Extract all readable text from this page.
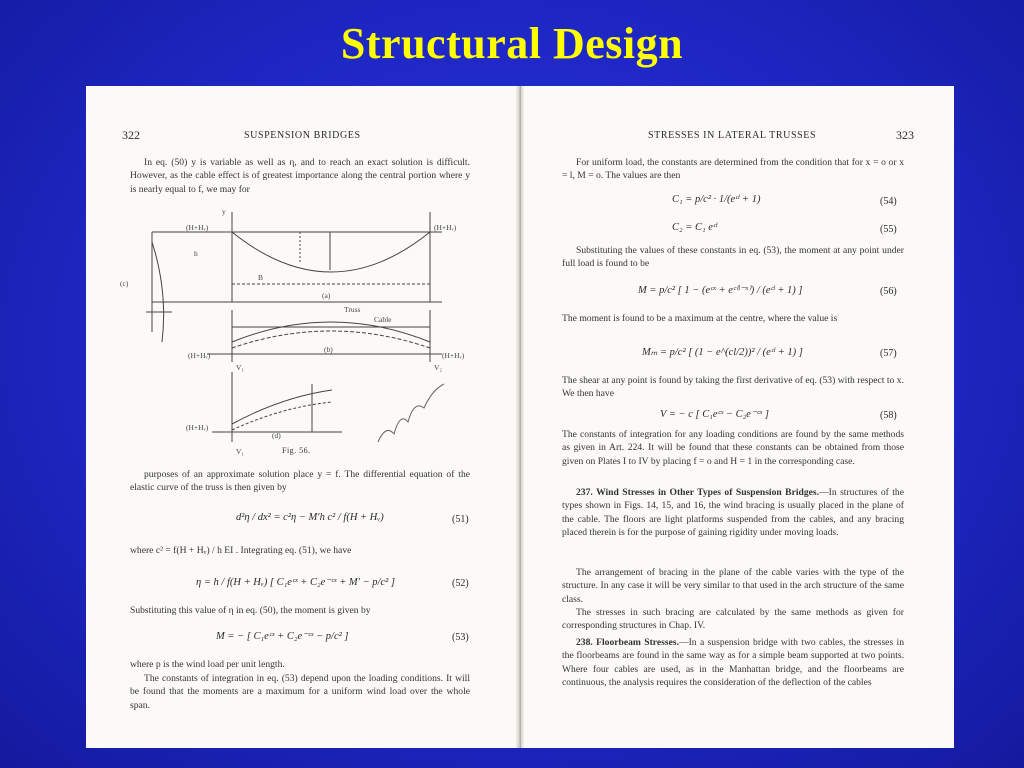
Structural Design
322	SUSPENSION BRIDGES

In eq. (50) y is variable as well as η, and to reach an exact solution is difficult. However, as the cable effect is of greatest importance along the central portion where y is nearly equal to f, we may for

(H+Hᵥ)	(H+Hᵥ)
y
h
B
(a)
(c)
Truss
Cable
(b)
(H+Hᵥ)	(H+Hᵥ)
V₁	V₂
(d)
(H+Hᵥ)
V₁	Fig. 56.

purposes of an approximate solution place y = f. The differential equation of the elastic curve of the truss is then given by

d²η / dx² = c²η − M′h c² / f(H + Hᵥ)	(51)

where c² = f(H + Hᵥ) / h EI . Integrating eq. (51), we have

η = h / f(H + Hᵥ) [ C₁eᶜˣ + C₂e⁻ᶜˣ + M′ − p/c² ]	(52)

Substituting this value of η in eq. (50), the moment is given by

M = − [ C₁eᶜˣ + C₂e⁻ᶜˣ − p/c² ]	(53)

where p is the wind load per unit length.

The constants of integration in eq. (53) depend upon the loading conditions. It will be found that the moments are a maximum for a uniform wind load over the whole span.

STRESSES IN LATERAL TRUSSES	323

For uniform load, the constants are determined from the condition that for x = o or x = l, M = o. The values are then

C₁ = p/c² · 1/(eᶜˡ + 1)	(54)
C₂ = C₁ eᶜˡ	(55)

Substituting the values of these constants in eq. (53), the moment at any point under full load is found to be

M = p/c² [ 1 − (eᶜˣ + eᶜ⁽ˡ⁻ˣ⁾) / (eᶜˡ + 1) ]	(56)

The moment is found to be a maximum at the centre, where the value is

Mₘ = p/c² [ (1 − e^(cl/2))² / (eᶜˡ + 1) ]	(57)

The shear at any point is found by taking the first derivative of eq. (53) with respect to x. We then have

V = − c [ C₁eᶜˣ − C₂e⁻ᶜˣ ]	(58)

The constants of integration for any loading conditions are found by the same methods as given in Art. 224. It will be found that these constants can be obtained from those given on Plates I to IV by placing f = o and H = 1 in the corresponding case.

237. Wind Stresses in Other Types of Suspension Bridges.—In structures of the types shown in Figs. 14, 15, and 16, the wind bracing is usually placed in the plane of the cable. The floors are light platforms suspended from the cables, and any bracing placed therein is for the purpose of gaining rigidity under moving loads.

The arrangement of bracing in the plane of the cable varies with the type of the structure. In any case it will be very similar to that used in the arch structure of the same class.

The stresses in such bracing are calculated by the same methods as given for corresponding structures in Chap. IV.

238. Floorbeam Stresses.—In a suspension bridge with two cables, the stresses in the floorbeams are found in the same way as for a simple beam supported at two points. Where four cables are used, as in the Manhattan bridge, and the floorbeams are continuous, the analysis requires the consideration of the deflection of the cables
